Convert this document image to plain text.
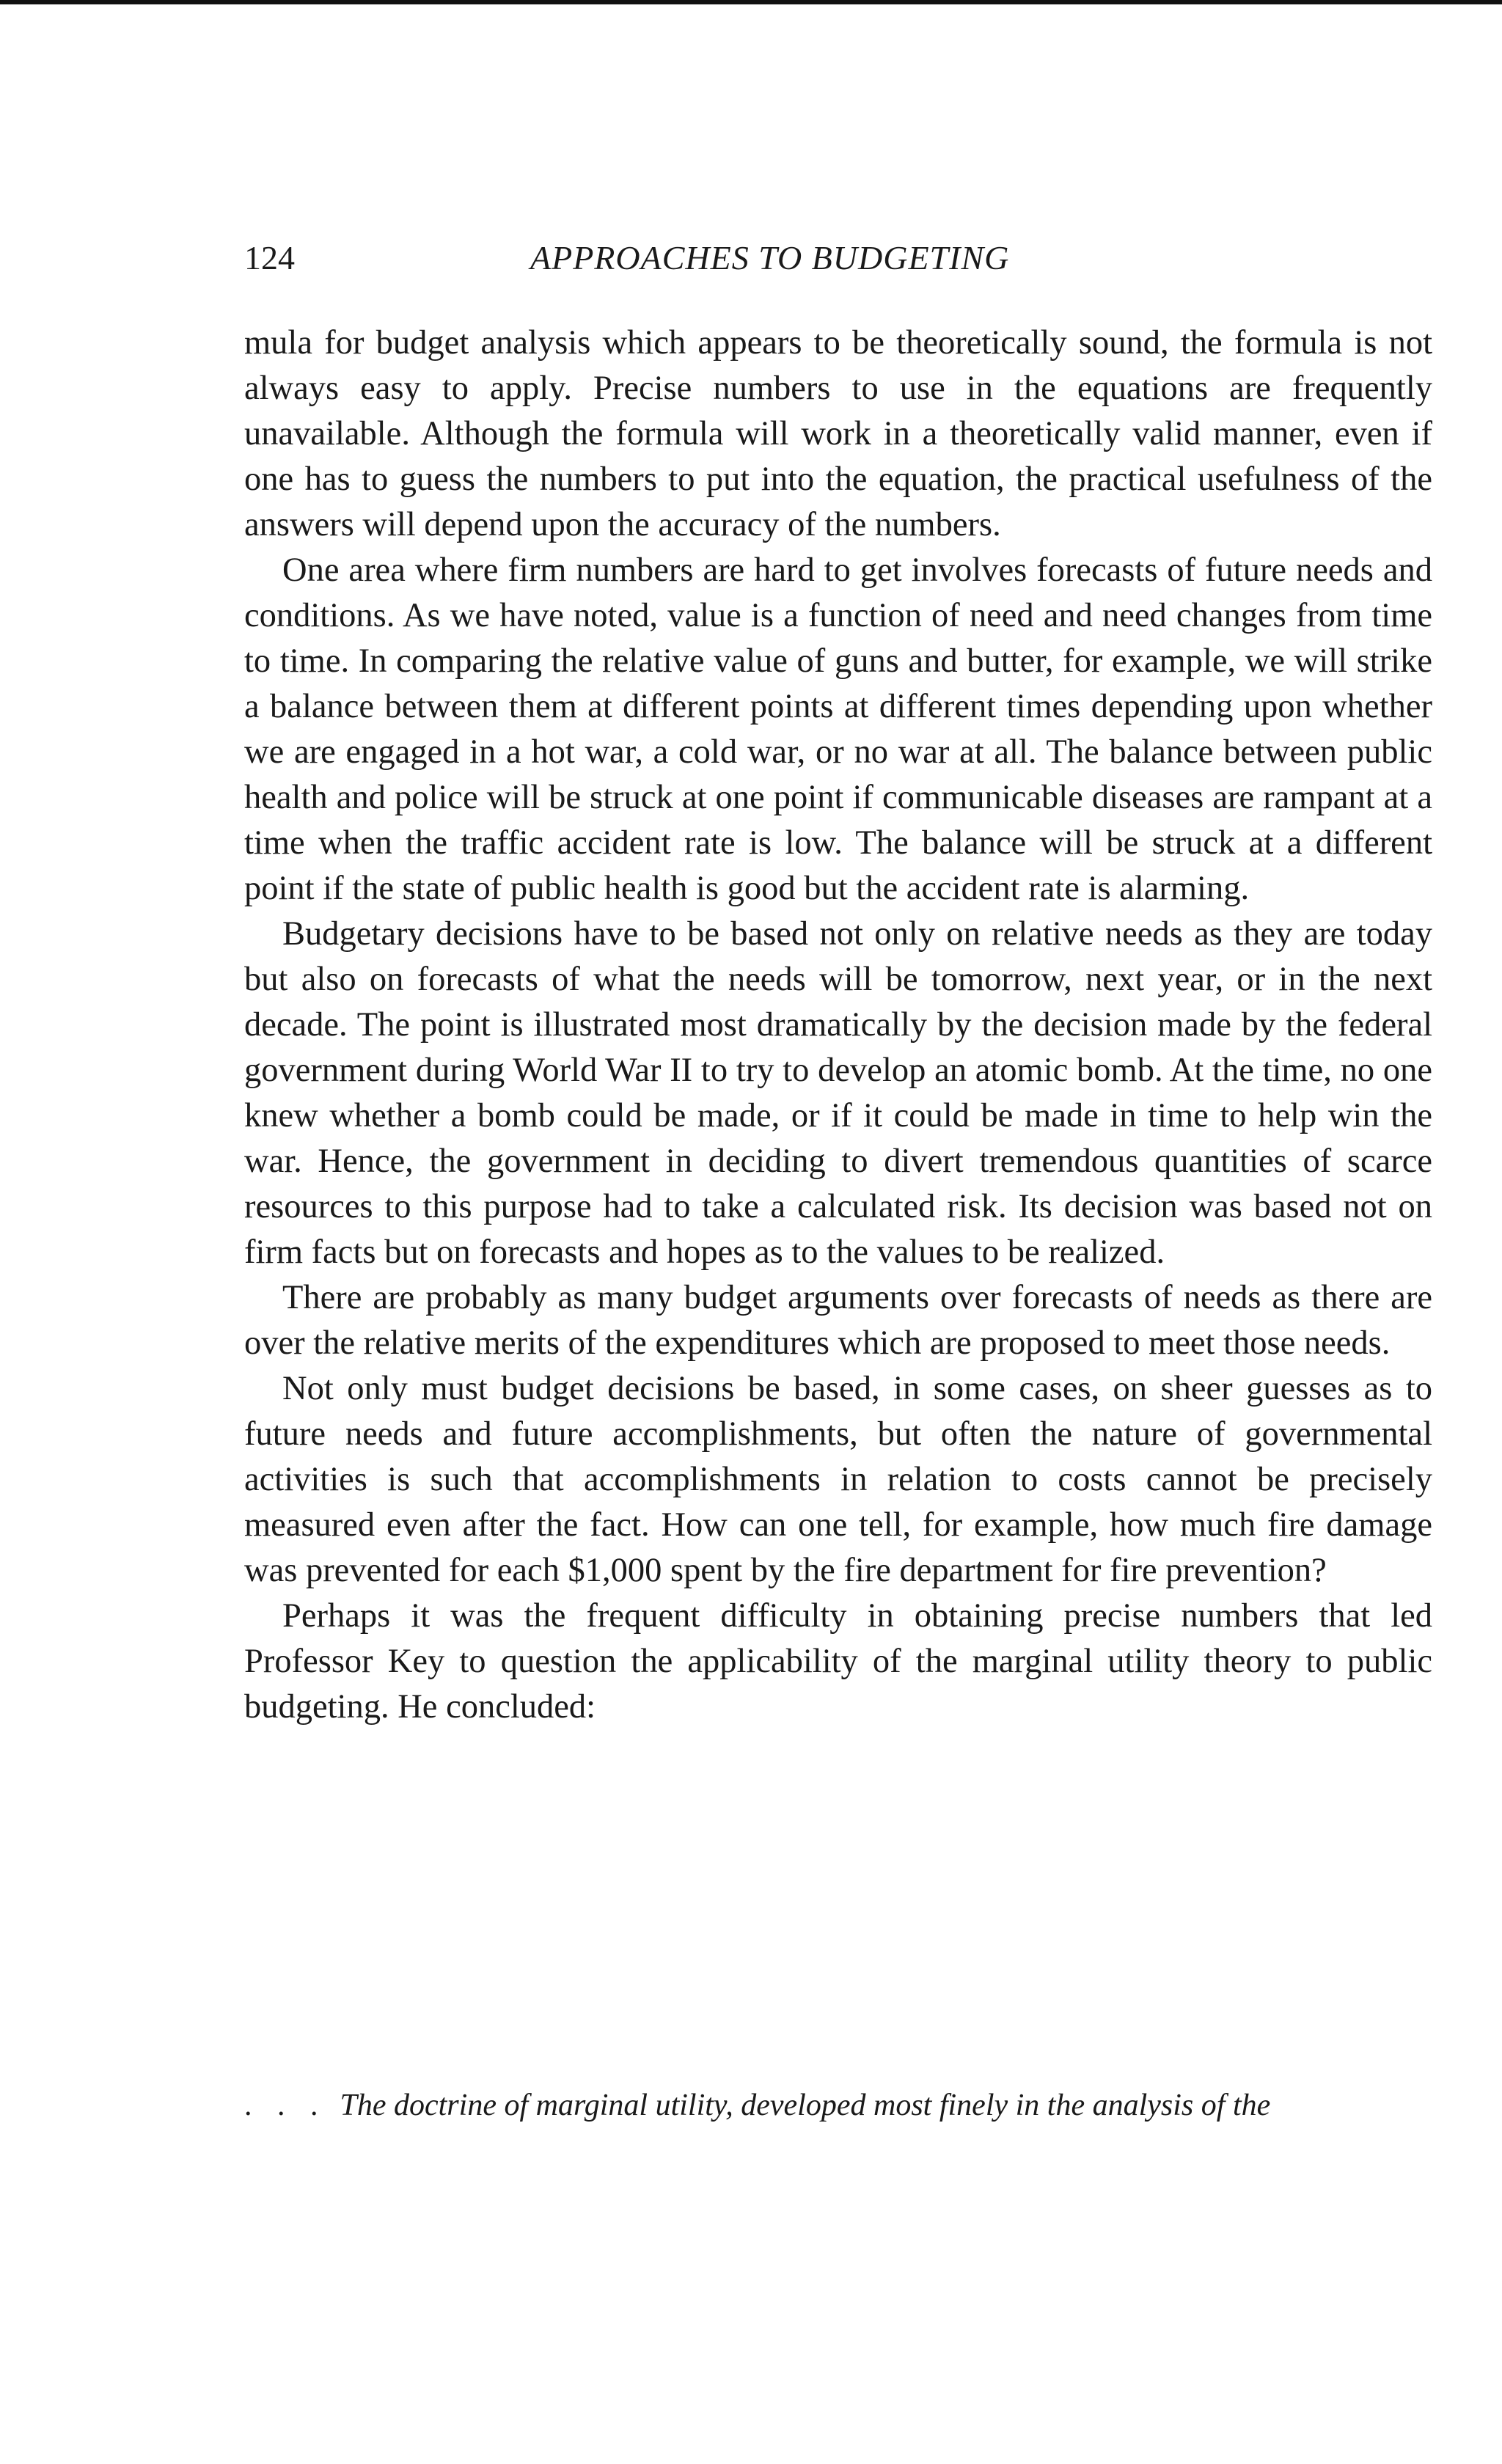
124	APPROACHES TO BUDGETING

mula for budget analysis which appears to be theoretically sound, the formula is not always easy to apply. Precise numbers to use in the equations are frequently unavailable. Although the formula will work in a theoretically valid manner, even if one has to guess the numbers to put into the equation, the practical usefulness of the answers will depend upon the accuracy of the numbers.

One area where firm numbers are hard to get involves forecasts of future needs and conditions. As we have noted, value is a function of need and need changes from time to time. In comparing the relative value of guns and butter, for example, we will strike a balance between them at different points at different times depending upon whether we are engaged in a hot war, a cold war, or no war at all. The balance between public health and police will be struck at one point if communicable diseases are rampant at a time when the traffic accident rate is low. The balance will be struck at a different point if the state of public health is good but the accident rate is alarming.

Budgetary decisions have to be based not only on relative needs as they are today but also on forecasts of what the needs will be tomorrow, next year, or in the next decade. The point is illustrated most dramatically by the decision made by the federal government during World War II to try to develop an atomic bomb. At the time, no one knew whether a bomb could be made, or if it could be made in time to help win the war. Hence, the government in deciding to divert tremendous quantities of scarce resources to this purpose had to take a calculated risk. Its decision was based not on firm facts but on forecasts and hopes as to the values to be realized.

There are probably as many budget arguments over forecasts of needs as there are over the relative merits of the expenditures which are proposed to meet those needs.

Not only must budget decisions be based, in some cases, on sheer guesses as to future needs and future accomplishments, but often the nature of governmental activities is such that accomplishments in relation to costs cannot be precisely measured even after the fact. How can one tell, for example, how much fire damage was prevented for each $1,000 spent by the fire department for fire prevention?

Perhaps it was the frequent difficulty in obtaining precise numbers that led Professor Key to question the applicability of the marginal utility theory to public budgeting. He concluded:

. . . The doctrine of marginal utility, developed most finely in the analysis of the
